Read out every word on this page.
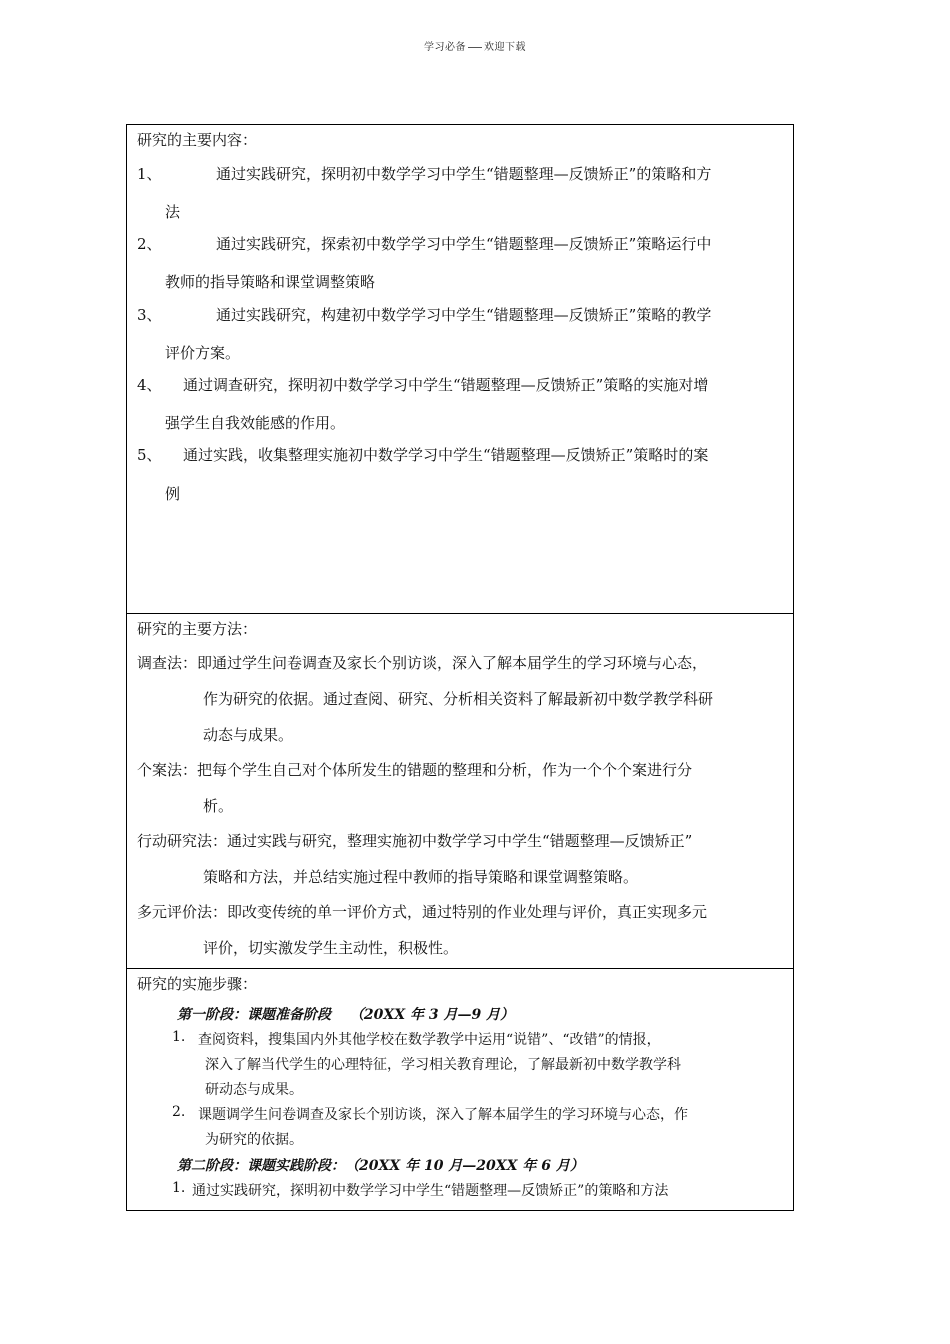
学习必备 欢迎下载
研究的主要内容：
1、	通过实践研究，探明初中数学学习中学生“错题整理—反馈矫正”的策略和方
法
2、	通过实践研究，探索初中数学学习中学生“错题整理—反馈矫正”策略运行中
教师的指导策略和课堂调整策略
3、	通过实践研究，构建初中数学学习中学生“错题整理—反馈矫正”策略的教学
评价方案。
4、 通过调查研究，探明初中数学学习中学生“错题整理—反馈矫正”策略的实施对增
强学生自我效能感的作用。
5、 通过实践，收集整理实施初中数学学习中学生“错题整理—反馈矫正”策略时的案
例
研究的主要方法：
调查法：即通过学生问卷调查及家长个别访谈，深入了解本届学生的学习环境与心态，
作为研究的依据。通过查阅、研究、分析相关资料了解最新初中数学教学科研
动态与成果。
个案法：把每个学生自己对个体所发生的错题的整理和分析，作为一个个个案进行分
析。
行动研究法：通过实践与研究，整理实施初中数学学习中学生“错题整理—反馈矫正”
策略和方法，并总结实施过程中教师的指导策略和课堂调整策略。
多元评价法：即改变传统的单一评价方式，通过特别的作业处理与评价，真正实现多元
评价，切实激发学生主动性，积极性。
研究的实施步骤：
第一阶段：课题准备阶段　 （20XX 年 3 月—9 月）
1. 查阅资料，搜集国内外其他学校在数学教学中运用“说错”、“改错”的情报，
深入了解当代学生的心理特征，学习相关教育理论，了解最新初中数学教学科
研动态与成果。
2. 课题调学生问卷调查及家长个别访谈，深入了解本届学生的学习环境与心态，作
为研究的依据。
第二阶段：课题实践阶段：（20XX 年 10 月—20XX 年 6 月）
1. 通过实践研究，探明初中数学学习中学生“错题整理—反馈矫正”的策略和方法
